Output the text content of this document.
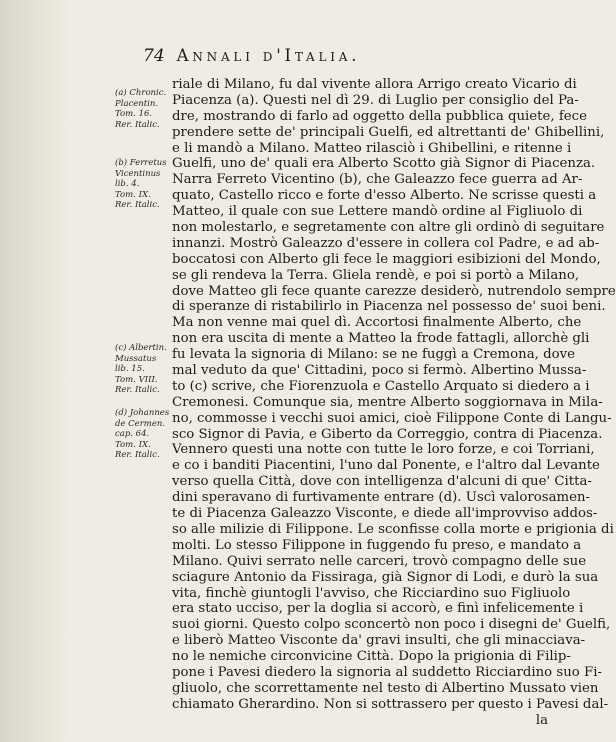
74 Annali d'Italia.
(a) Chronic.
Placentin.
Tom. 16.
Rer. Italic.
(b) Ferretus
Vicentinus
lib. 4.
Tom. IX.
Rer. Italic.
(c) Albertin.
Mussatus
lib. 15.
Tom. VIII.
Rer. Italic.
(d) Johannes
de Cermen.
cap. 64.
Tom. IX.
Rer. Italic.
riale di Milano, fu dal vivente allora Arrigo creato Vicario di
Piacenza (a). Questi nel dì 29. di Luglio per consiglio del Pa-
dre, mostrando di farlo ad oggetto della pubblica quiete, fece
prendere sette de' principali Guelfi, ed altrettanti de' Ghibellini,
e li mandò a Milano. Matteo rilasciò i Ghibellini, e ritenne i
Guelfi, uno de' quali era Alberto Scotto già Signor di Piacenza.
Narra Ferreto Vicentino (b), che Galeazzo fece guerra ad Ar-
quato, Castello ricco e forte d'esso Alberto. Ne scrisse questi a
Matteo, il quale con sue Lettere mandò ordine al Figliuolo di
non molestarlo, e segretamente con altre gli ordinò di seguitare
innanzi. Mostrò Galeazzo d'essere in collera col Padre, e ad ab-
boccatosi con Alberto gli fece le maggiori esibizioni del Mondo,
se gli rendeva la Terra. Gliela rendè, e poi si portò a Milano,
dove Matteo gli fece quante carezze desiderò, nutrendolo sempre
di speranze di ristabilirlo in Piacenza nel possesso de' suoi beni.
Ma non venne mai quel dì. Accortosi finalmente Alberto, che
non era uscita di mente a Matteo la frode fattagli, allorchè gli
fu levata la signoria di Milano: se ne fuggì a Cremona, dove
mal veduto da que' Cittadini, poco si fermò. Albertino Mussa-
to (c) scrive, che Fiorenzuola e Castello Arquato si diedero a i
Cremonesi. Comunque sia, mentre Alberto soggiornava in Mila-
no, commosse i vecchi suoi amici, cioè Filippone Conte di Langu-
sco Signor di Pavia, e Giberto da Correggio, contra di Piacenza.
Vennero questi una notte con tutte le loro forze, e coi Torriani,
e co i banditi Piacentini, l'uno dal Ponente, e l'altro dal Levante
verso quella Città, dove con intelligenza d'alcuni di que' Citta-
dini speravano di furtivamente entrare (d). Uscì valorosamen-
te di Piacenza Galeazzo Visconte, e diede all'improvviso addos-
so alle milizie di Filippone. Le sconfisse colla morte e prigionia di
molti. Lo stesso Filippone in fuggendo fu preso, e mandato a
Milano. Quivi serrato nelle carceri, trovò compagno delle sue
sciagure Antonio da Fissiraga, già Signor di Lodi, e durò la sua
vita, finchè giuntogli l'avviso, che Ricciardino suo Figliuolo
era stato ucciso, per la doglia si accorò, e finì infelicemente i
suoi giorni. Questo colpo sconcertò non poco i disegni de' Guelfi,
e liberò Matteo Visconte da' gravi insulti, che gli minacciava-
no le nemiche circonvicine Città. Dopo la prigionia di Filip-
pone i Pavesi diedero la signoria al suddetto Ricciardino suo Fi-
gliuolo, che scorrettamente nel testo di Albertino Mussato vien
chiamato Gherardino. Non si sottrassero per questo i Pavesi dal-
la
